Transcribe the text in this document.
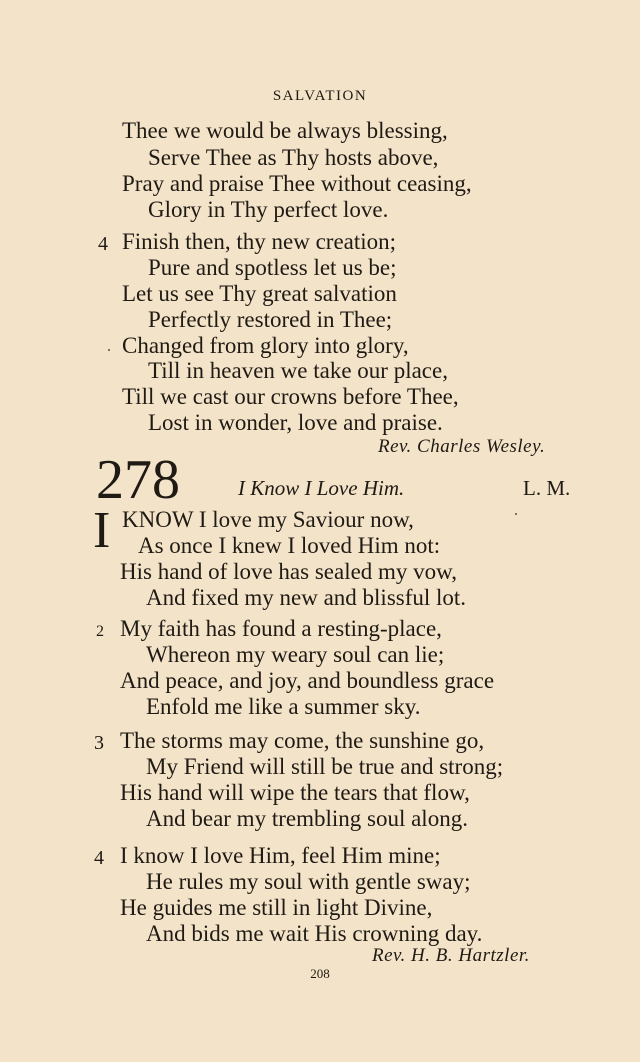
SALVATION
Thee we would be always blessing,
Serve Thee as Thy hosts above,
Pray and praise Thee without ceasing,
Glory in Thy perfect love.
4 Finish then, thy new creation;
Pure and spotless let us be;
Let us see Thy great salvation
Perfectly restored in Thee;
Changed from glory into glory,
Till in heaven we take our place,
Till we cast our crowns before Thee,
Lost in wonder, love and praise.
Rev. Charles Wesley.
278	I Know I Love Him.	L. M.
I KNOW I love my Saviour now,
As once I knew I loved Him not:
His hand of love has sealed my vow,
And fixed my new and blissful lot.
2 My faith has found a resting-place,
Whereon my weary soul can lie;
And peace, and joy, and boundless grace
Enfold me like a summer sky.
3 The storms may come, the sunshine go,
My Friend will still be true and strong;
His hand will wipe the tears that flow,
And bear my trembling soul along.
4 I know I love Him, feel Him mine;
He rules my soul with gentle sway;
He guides me still in light Divine,
And bids me wait His crowning day.
Rev. H. B. Hartzler.
208
